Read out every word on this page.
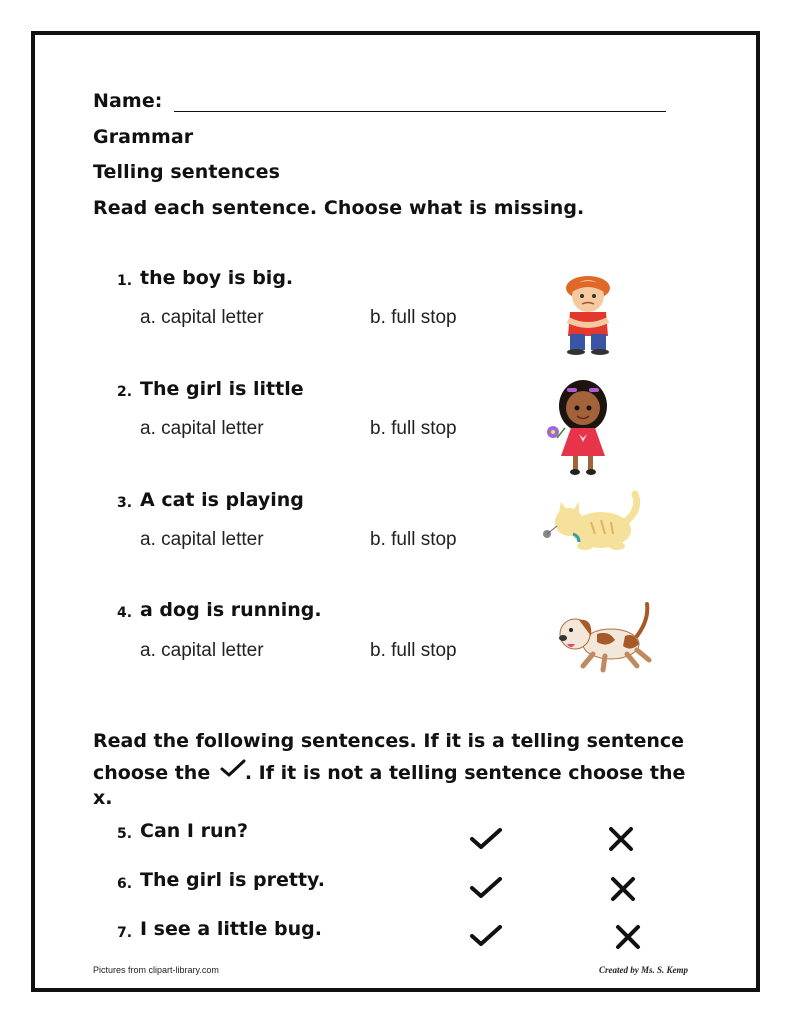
Name:
Grammar
Telling sentences
Read each sentence. Choose what is missing.
1. the boy is big.
a. capital letter	b. full stop
2. The girl is little
a. capital letter	b. full stop
3. A cat is playing
a. capital letter	b. full stop
4. a dog is running.
a. capital letter	b. full stop
Read the following sentences. If it is a telling sentence
choose the . If it is not a telling sentence choose the
x.
5. Can I run?
6. The girl is pretty.
7. I see a little bug.
Pictures from clipart-library.com	Created by Ms. S. Kemp
